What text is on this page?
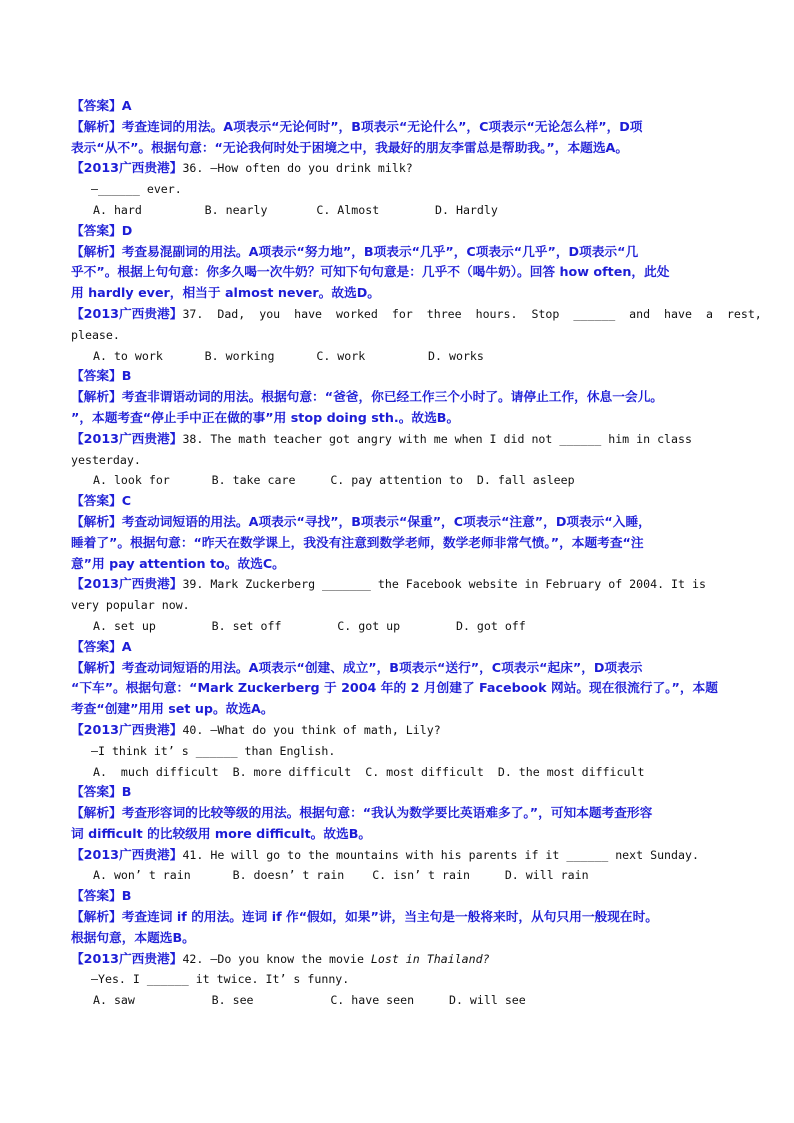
【答案】A
【解析】考查连词的用法。A项表示“无论何时”，B项表示“无论什么”，C项表示“无论怎么样”，D项
表示“从不”。根据句意：“无论我何时处于困境之中，我最好的朋友李雷总是帮助我。”，本题选A。
【2013广西贵港】36. —How often do you drink milk?
—______ ever.
A. hard         B. nearly       C. Almost        D. Hardly
【答案】D
【解析】考查易混副词的用法。A项表示“努力地”，B项表示“几乎”，C项表示“几乎”，D项表示“几
乎不”。根据上句句意：你多久喝一次牛奶？可知下句句意是：几乎不（喝牛奶）。回答 how often，此处
用 hardly ever，相当于 almost never。故选D。
【2013广西贵港】37.  Dad,  you  have  worked  for  three  hours.  Stop  ______  and  have  a  rest,
please.
A. to work      B. working      C. work         D. works
【答案】B
【解析】考查非谓语动词的用法。根据句意：“爸爸，你已经工作三个小时了。请停止工作，休息一会儿。
”，本题考查“停止手中正在做的事”用 stop doing sth.。故选B。
【2013广西贵港】38. The math teacher got angry with me when I did not ______ him in class
yesterday.
A. look for      B. take care     C. pay attention to  D. fall asleep
【答案】C
【解析】考查动词短语的用法。A项表示“寻找”，B项表示“保重”，C项表示“注意”，D项表示“入睡，
睡着了”。根据句意：“昨天在数学课上，我没有注意到数学老师，数学老师非常气愤。”，本题考查“注
意”用 pay attention to。故选C。
【2013广西贵港】39. Mark Zuckerberg _______ the Facebook website in February of 2004. It is
very popular now.
A. set up        B. set off        C. got up        D. got off
【答案】A
【解析】考查动词短语的用法。A项表示“创建、成立”，B项表示“送行”，C项表示“起床”，D项表示
“下车”。根据句意：“Mark Zuckerberg 于 2004 年的 2 月创建了 Facebook 网站。现在很流行了。”，本题
考查“创建”用用 set up。故选A。
【2013广西贵港】40. —What do you think of math, Lily?
—I think it’ s ______ than English.
A.  much difficult  B. more difficult  C. most difficult  D. the most difficult
【答案】B
【解析】考查形容词的比较等级的用法。根据句意：“我认为数学要比英语难多了。”，可知本题考查形容
词 difficult 的比较级用 more difficult。故选B。
【2013广西贵港】41. He will go to the mountains with his parents if it ______ next Sunday.
A. won’ t rain      B. doesn’ t rain    C. isn’ t rain     D. will rain
【答案】B
【解析】考查连词 if 的用法。连词 if 作“假如，如果”讲，当主句是一般将来时，从句只用一般现在时。
根据句意，本题选B。
【2013广西贵港】42. —Do you know the movie Lost in Thailand?
—Yes. I ______ it twice. It’ s funny.
A. saw           B. see           C. have seen     D. will see
